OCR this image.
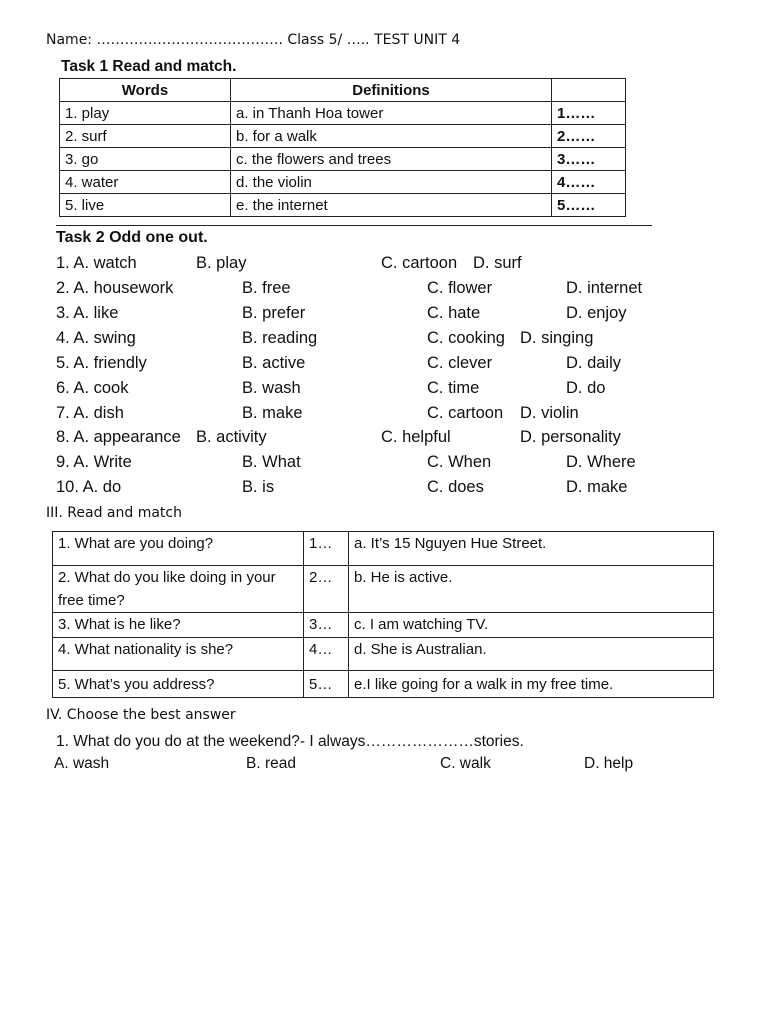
Name: …………………………………. Class 5/ ….. TEST UNIT 4
Task 1 Read and match.
Words	Definitions	
1. play	a. in Thanh Hoa tower	1……
2. surf	b. for a walk	2……
3. go	c. the flowers and trees	3……
4. water	d. the violin	4……
5. live	e. the internet	5……
Task 2 Odd one out.
1. A. watch	B. play	C. cartoon D. surf
2. A. housework	B. free	C. flower	D. internet
3. A. like	B. prefer	C. hate	D. enjoy
4. A. swing	B. reading	C. cooking D. singing
5. A. friendly	B. active	C. clever	D. daily
6. A. cook	B. wash	C. time	D. do
7. A. dish	B. make	C. cartoon D. violin
8. A. appearance B. activity	C. helpful	D. personality
9. A. Write	B. What	C. When	D. Where
10. A. do	B. is	C. does	D. make
III. Read and match
1. What are you doing?	1…	a. It’s 15 Nguyen Hue Street.
2. What do you like doing in your free time?	2…	b. He is active.
3. What is he like?	3…	c. I am watching TV.
4. What nationality is she?	4…	d. She is Australian.
5. What’s you address?	5…	e.I like going for a walk in my free time.
IV. Choose the best answer
1. What do you do at the weekend?- I always…………………stories.
A. wash	B. read	C. walk	D. help
